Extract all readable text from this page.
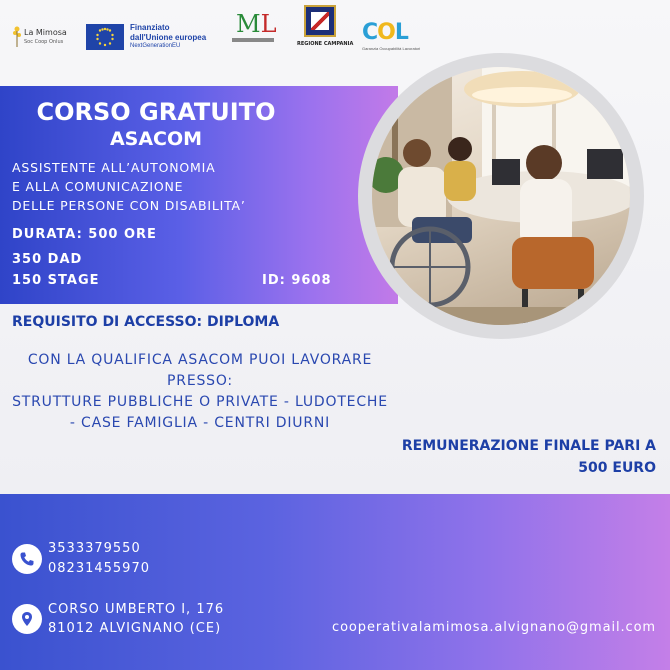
La Mimosa
Soc Coop Onlus
Finanziato
dall'Unione europea
NextGenerationEU
ML
REGIONE CAMPANIA COL
Garanzia Occupabilità Lavoratori
CORSO GRATUITO
ASACOM
ASSISTENTE ALL’AUTONOMIA
E ALLA COMUNICAZIONE
DELLE PERSONE CON DISABILITA’
DURATA: 500 ORE
350 DAD
150 STAGE	ID: 9608
REQUISITO DI ACCESSO: DIPLOMA
CON LA QUALIFICA ASACOM PUOI LAVORARE
PRESSO:
STRUTTURE PUBBLICHE O PRIVATE - LUDOTECHE
- CASE FAMIGLIA - CENTRI DIURNI
REMUNERAZIONE FINALE PARI A
500 EURO
3533379550
08231455970
CORSO UMBERTO I, 176
81012 ALVIGNANO (CE)	cooperativalamimosa.alvignano@gmail.com
